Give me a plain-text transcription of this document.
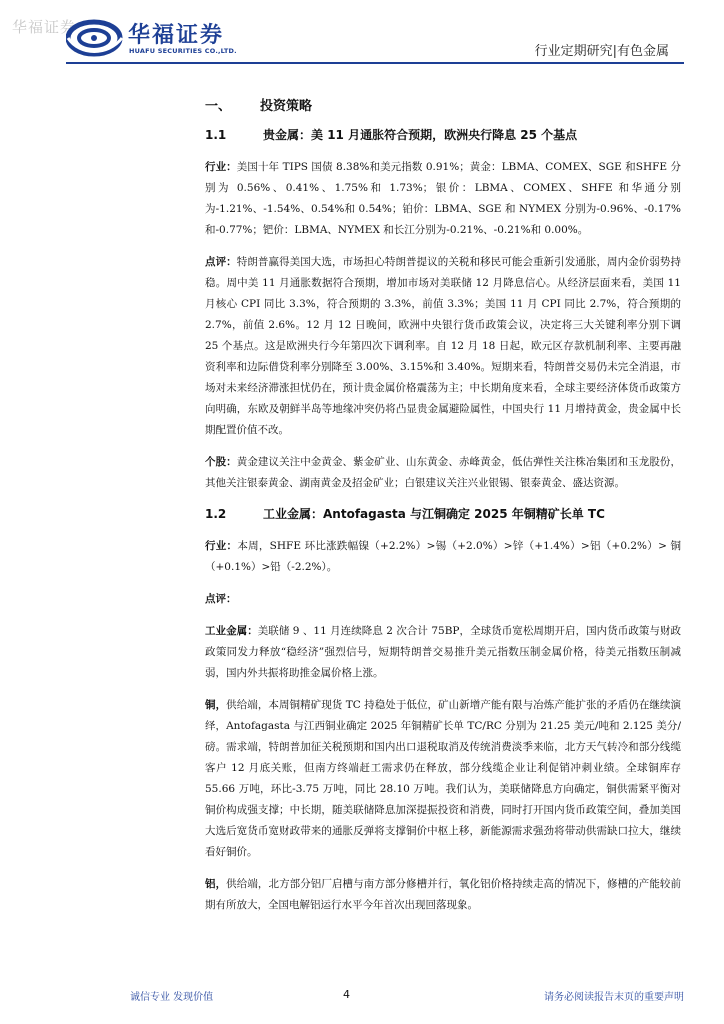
华福证券 华福证券
HUAFU SECURITIES CO.,LTD.	行业定期研究|有色金属
一、 投资策略
1.1	贵金属：美 11 月通胀符合预期，欧洲央行降息 25 个基点

行业：美国十年 TIPS 国债 8.38%和美元指数 0.91%；黄金：LBMA、COMEX、SGE 和SHFE 分别为 0.56%、0.41%、1.75%和 1.73%；银价：LBMA、COMEX、SHFE 和华通分别为-1.21%、-1.54%、0.54%和 0.54%；铂价：LBMA、SGE 和 NYMEX 分别为-0.96%、-0.17%和-0.77%；钯价：LBMA、NYMEX 和长江分别为-0.21%、-0.21%和 0.00%。

点评：特朗普赢得美国大选，市场担心特朗普提议的关税和移民可能会重新引发通胀，周内金价弱势持稳。周中美 11 月通胀数据符合预期，增加市场对美联储 12 月降息信心。从经济层面来看，美国 11 月核心 CPI 同比 3.3%，符合预期的 3.3%，前值 3.3%；美国 11 月 CPI 同比 2.7%，符合预期的 2.7%，前值 2.6%。12 月 12 日晚间，欧洲中央银行货币政策会议，决定将三大关键利率分别下调 25 个基点。这是欧洲央行今年第四次下调利率。自 12 月 18 日起，欧元区存款机制利率、主要再融资利率和边际借贷利率分别降至 3.00%、3.15%和 3.40%。短期来看，特朗普交易仍未完全消退，市场对未来经济滞涨担忧仍在，预计贵金属价格震荡为主；中长期角度来看，全球主要经济体货币政策方向明确，东欧及朝鲜半岛等地缘冲突仍将凸显贵金属避险属性，中国央行 11 月增持黄金，贵金属中长期配置价值不改。

个股：黄金建议关注中金黄金、紫金矿业、山东黄金、赤峰黄金，低估弹性关注株冶集团和玉龙股份，其他关注银泰黄金、湖南黄金及招金矿业；白银建议关注兴业银锡、银泰黄金、盛达资源。

1.2	工业金属：Antofagasta 与江铜确定 2025 年铜精矿长单 TC

行业：本周，SHFE 环比涨跌幅镍（+2.2%）>锡（+2.0%）>锌（+1.4%）>铝（+0.2%）> 铜（+0.1%）>铅（-2.2%）。

点评：

工业金属：美联储 9 、11 月连续降息 2 次合计 75BP，全球货币宽松周期开启，国内货币政策与财政政策同发力释放“稳经济”强烈信号，短期特朗普交易推升美元指数压制金属价格，待美元指数压制减弱，国内外共振将助推金属价格上涨。

铜，供给端，本周铜精矿现货 TC 持稳处于低位，矿山新增产能有限与冶炼产能扩张的矛盾仍在继续演绎，Antofagasta 与江西铜业确定 2025 年铜精矿长单 TC/RC 分别为 21.25 美元/吨和 2.125 美分/磅。需求端，特朗普加征关税预期和国内出口退税取消及传统消费淡季来临，北方天气转冷和部分线缆客户 12 月底关账，但南方终端赶工需求仍在释放，部分线缆企业让利促销冲刺业绩。全球铜库存 55.66 万吨，环比-3.75 万吨，同比 28.10 万吨。我们认为，美联储降息方向确定，铜供需紧平衡对铜价构成强支撑；中长期，随美联储降息加深提振投资和消费，同时打开国内货币政策空间，叠加美国大选后宽货币宽财政带来的通胀反弹将支撑铜价中枢上移，新能源需求强劲将带动供需缺口拉大，继续看好铜价。

铝，供给端，北方部分铝厂启槽与南方部分修槽并行，氧化铝价格持续走高的情况下，修槽的产能较前期有所放大，全国电解铝运行水平今年首次出现回落现象。

诚信专业 发现价值	4	请务必阅读报告末页的重要声明
